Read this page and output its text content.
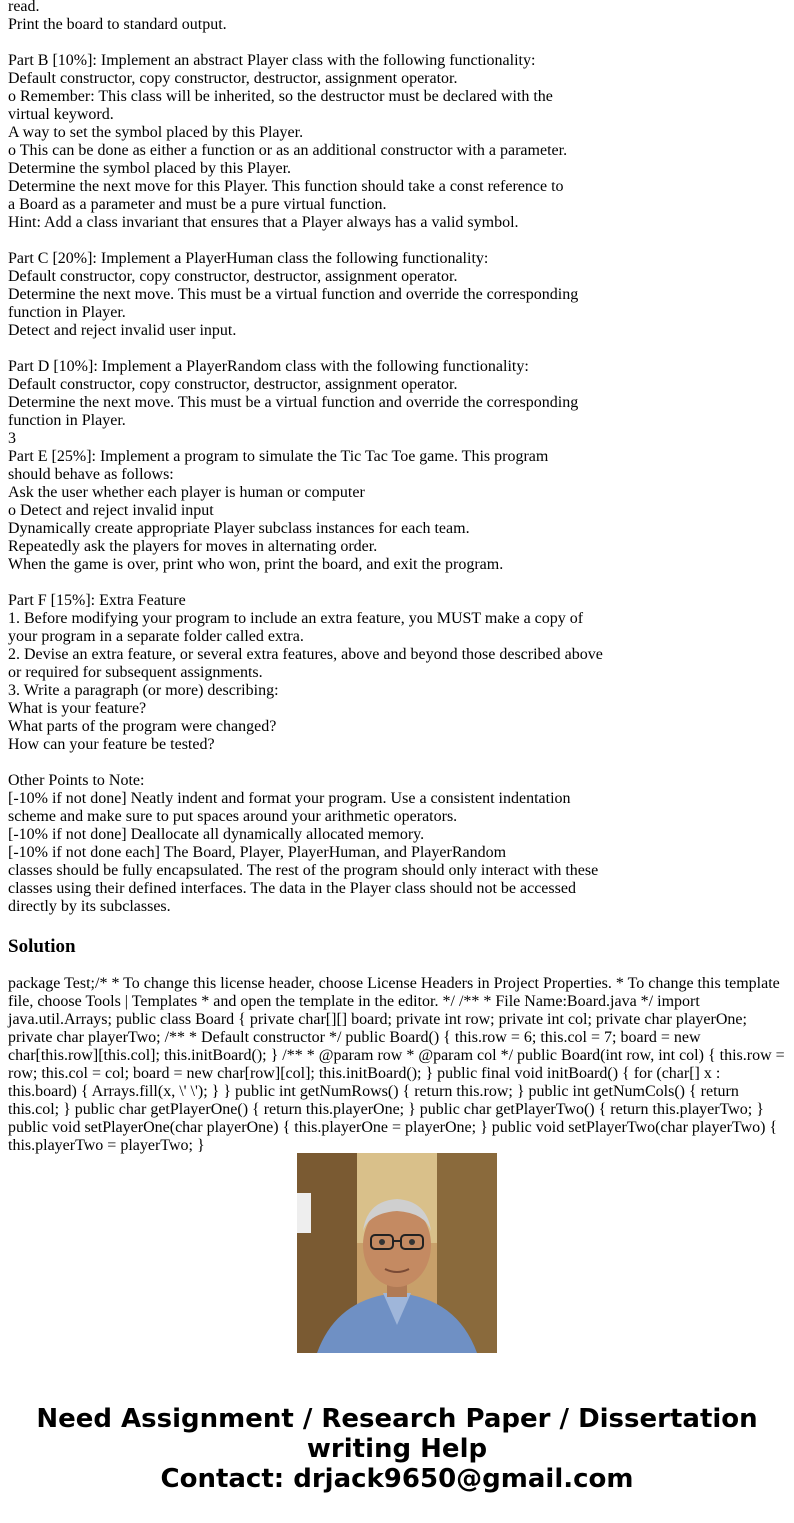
read.
Print the board to standard output.
Part B [10%]: Implement an abstract Player class with the following functionality:
Default constructor, copy constructor, destructor, assignment operator.
o Remember: This class will be inherited, so the destructor must be declared with the
virtual keyword.
A way to set the symbol placed by this Player.
o This can be done as either a function or as an additional constructor with a parameter.
Determine the symbol placed by this Player.
Determine the next move for this Player. This function should take a const reference to
a Board as a parameter and must be a pure virtual function.
Hint: Add a class invariant that ensures that a Player always has a valid symbol.
Part C [20%]: Implement a PlayerHuman class the following functionality:
Default constructor, copy constructor, destructor, assignment operator.
Determine the next move. This must be a virtual function and override the corresponding
function in Player.
Detect and reject invalid user input.
Part D [10%]: Implement a PlayerRandom class with the following functionality:
Default constructor, copy constructor, destructor, assignment operator.
Determine the next move. This must be a virtual function and override the corresponding
function in Player.
3
Part E [25%]: Implement a program to simulate the Tic Tac Toe game. This program
should behave as follows:
Ask the user whether each player is human or computer
o Detect and reject invalid input
Dynamically create appropriate Player subclass instances for each team.
Repeatedly ask the players for moves in alternating order.
When the game is over, print who won, print the board, and exit the program.
Part F [15%]: Extra Feature
1. Before modifying your program to include an extra feature, you MUST make a copy of
your program in a separate folder called extra.
2. Devise an extra feature, or several extra features, above and beyond those described above
or required for subsequent assignments.
3. Write a paragraph (or more) describing:
What is your feature?
What parts of the program were changed?
How can your feature be tested?
Other Points to Note:
[-10% if not done] Neatly indent and format your program. Use a consistent indentation
scheme and make sure to put spaces around your arithmetic operators.
[-10% if not done] Deallocate all dynamically allocated memory.
[-10% if not done each] The Board, Player, PlayerHuman, and PlayerRandom
classes should be fully encapsulated. The rest of the program should only interact with these
classes using their defined interfaces. The data in the Player class should not be accessed
directly by its subclasses.
Solution
package Test;/* * To change this license header, choose License Headers in Project Properties. * To change this template file, choose Tools | Templates * and open the template in the editor. */ /** * File Name:Board.java */ import java.util.Arrays; public class Board { private char[][] board; private int row; private int col; private char playerOne; private char playerTwo; /** * Default constructor */ public Board() { this.row = 6; this.col = 7; board = new char[this.row][this.col]; this.initBoard(); } /** * @param row * @param col */ public Board(int row, int col) { this.row = row; this.col = col; board = new char[row][col]; this.initBoard(); } public final void initBoard() { for (char[] x : this.board) { Arrays.fill(x, \' \'); } } public int getNumRows() { return this.row; } public int getNumCols() { return this.col; } public char getPlayerOne() { return this.playerOne; } public char getPlayerTwo() { return this.playerTwo; } public void setPlayerOne(char playerOne) { this.playerOne = playerOne; } public void setPlayerTwo(char playerTwo) { this.playerTwo = playerTwo; }
Need Assignment / Research Paper / Dissertation
writing Help
Contact: drjack9650@gmail.com
